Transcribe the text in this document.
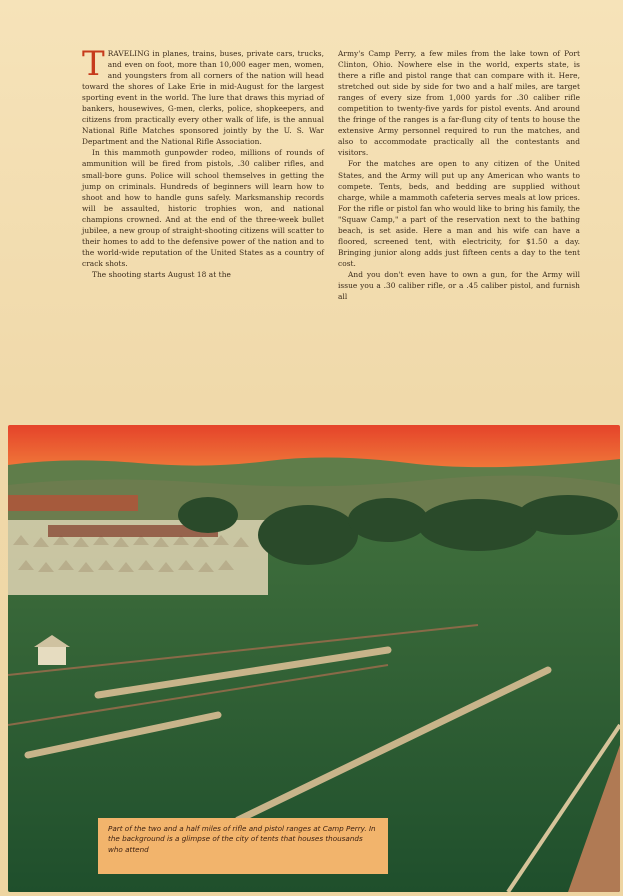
TRAVELING in planes, trains, buses, private cars, trucks, and even on foot, more than 10,000 eager men, women, and youngsters from all corners of the nation will head toward the shores of Lake Erie in mid-August for the largest sporting event in the world. The lure that draws this myriad of bankers, housewives, G-men, clerks, police, shopkeepers, and citizens from practically every other walk of life, is the annual National Rifle Matches sponsored jointly by the U. S. War Department and the National Rifle Association.

In this mammoth gunpowder rodeo, millions of rounds of ammunition will be fired from pistols, .30 caliber rifles, and small-bore guns. Police will school themselves in getting the jump on criminals. Hundreds of beginners will learn how to shoot and how to handle guns safely. Marksmanship records will be assaulted, historic trophies won, and national champions crowned. And at the end of the three-week bullet jubilee, a new group of straight-shooting citizens will scatter to their homes to add to the defensive power of the nation and to the world-wide reputation of the United States as a country of crack shots.

The shooting starts August 18 at the

Army's Camp Perry, a few miles from the lake town of Port Clinton, Ohio. Nowhere else in the world, experts state, is there a rifle and pistol range that can compare with it. Here, stretched out side by side for two and a half miles, are target ranges of every size from 1,000 yards for .30 caliber rifle competition to twenty-five yards for pistol events. And around the fringe of the ranges is a far-flung city of tents to house the extensive Army personnel required to run the matches, and also to accommodate practically all the contestants and visitors.

For the matches are open to any citizen of the United States, and the Army will put up any American who wants to compete. Tents, beds, and bedding are supplied without charge, while a mammoth cafeteria serves meals at low prices. For the rifle or pistol fan who would like to bring his family, the "Squaw Camp," a part of the reservation next to the bathing beach, is set aside. Here a man and his wife can have a floored, screened tent, with electricity, for $1.50 a day. Bringing junior along adds just fifteen cents a day to the tent cost.

And you don't even have to own a gun, for the Army will issue you a .30 caliber rifle, or a .45 caliber pistol, and furnish all

Part of the two and a half miles of rifle and pistol ranges at Camp Perry. In the background is a glimpse of the city of tents that houses thousands who attend
